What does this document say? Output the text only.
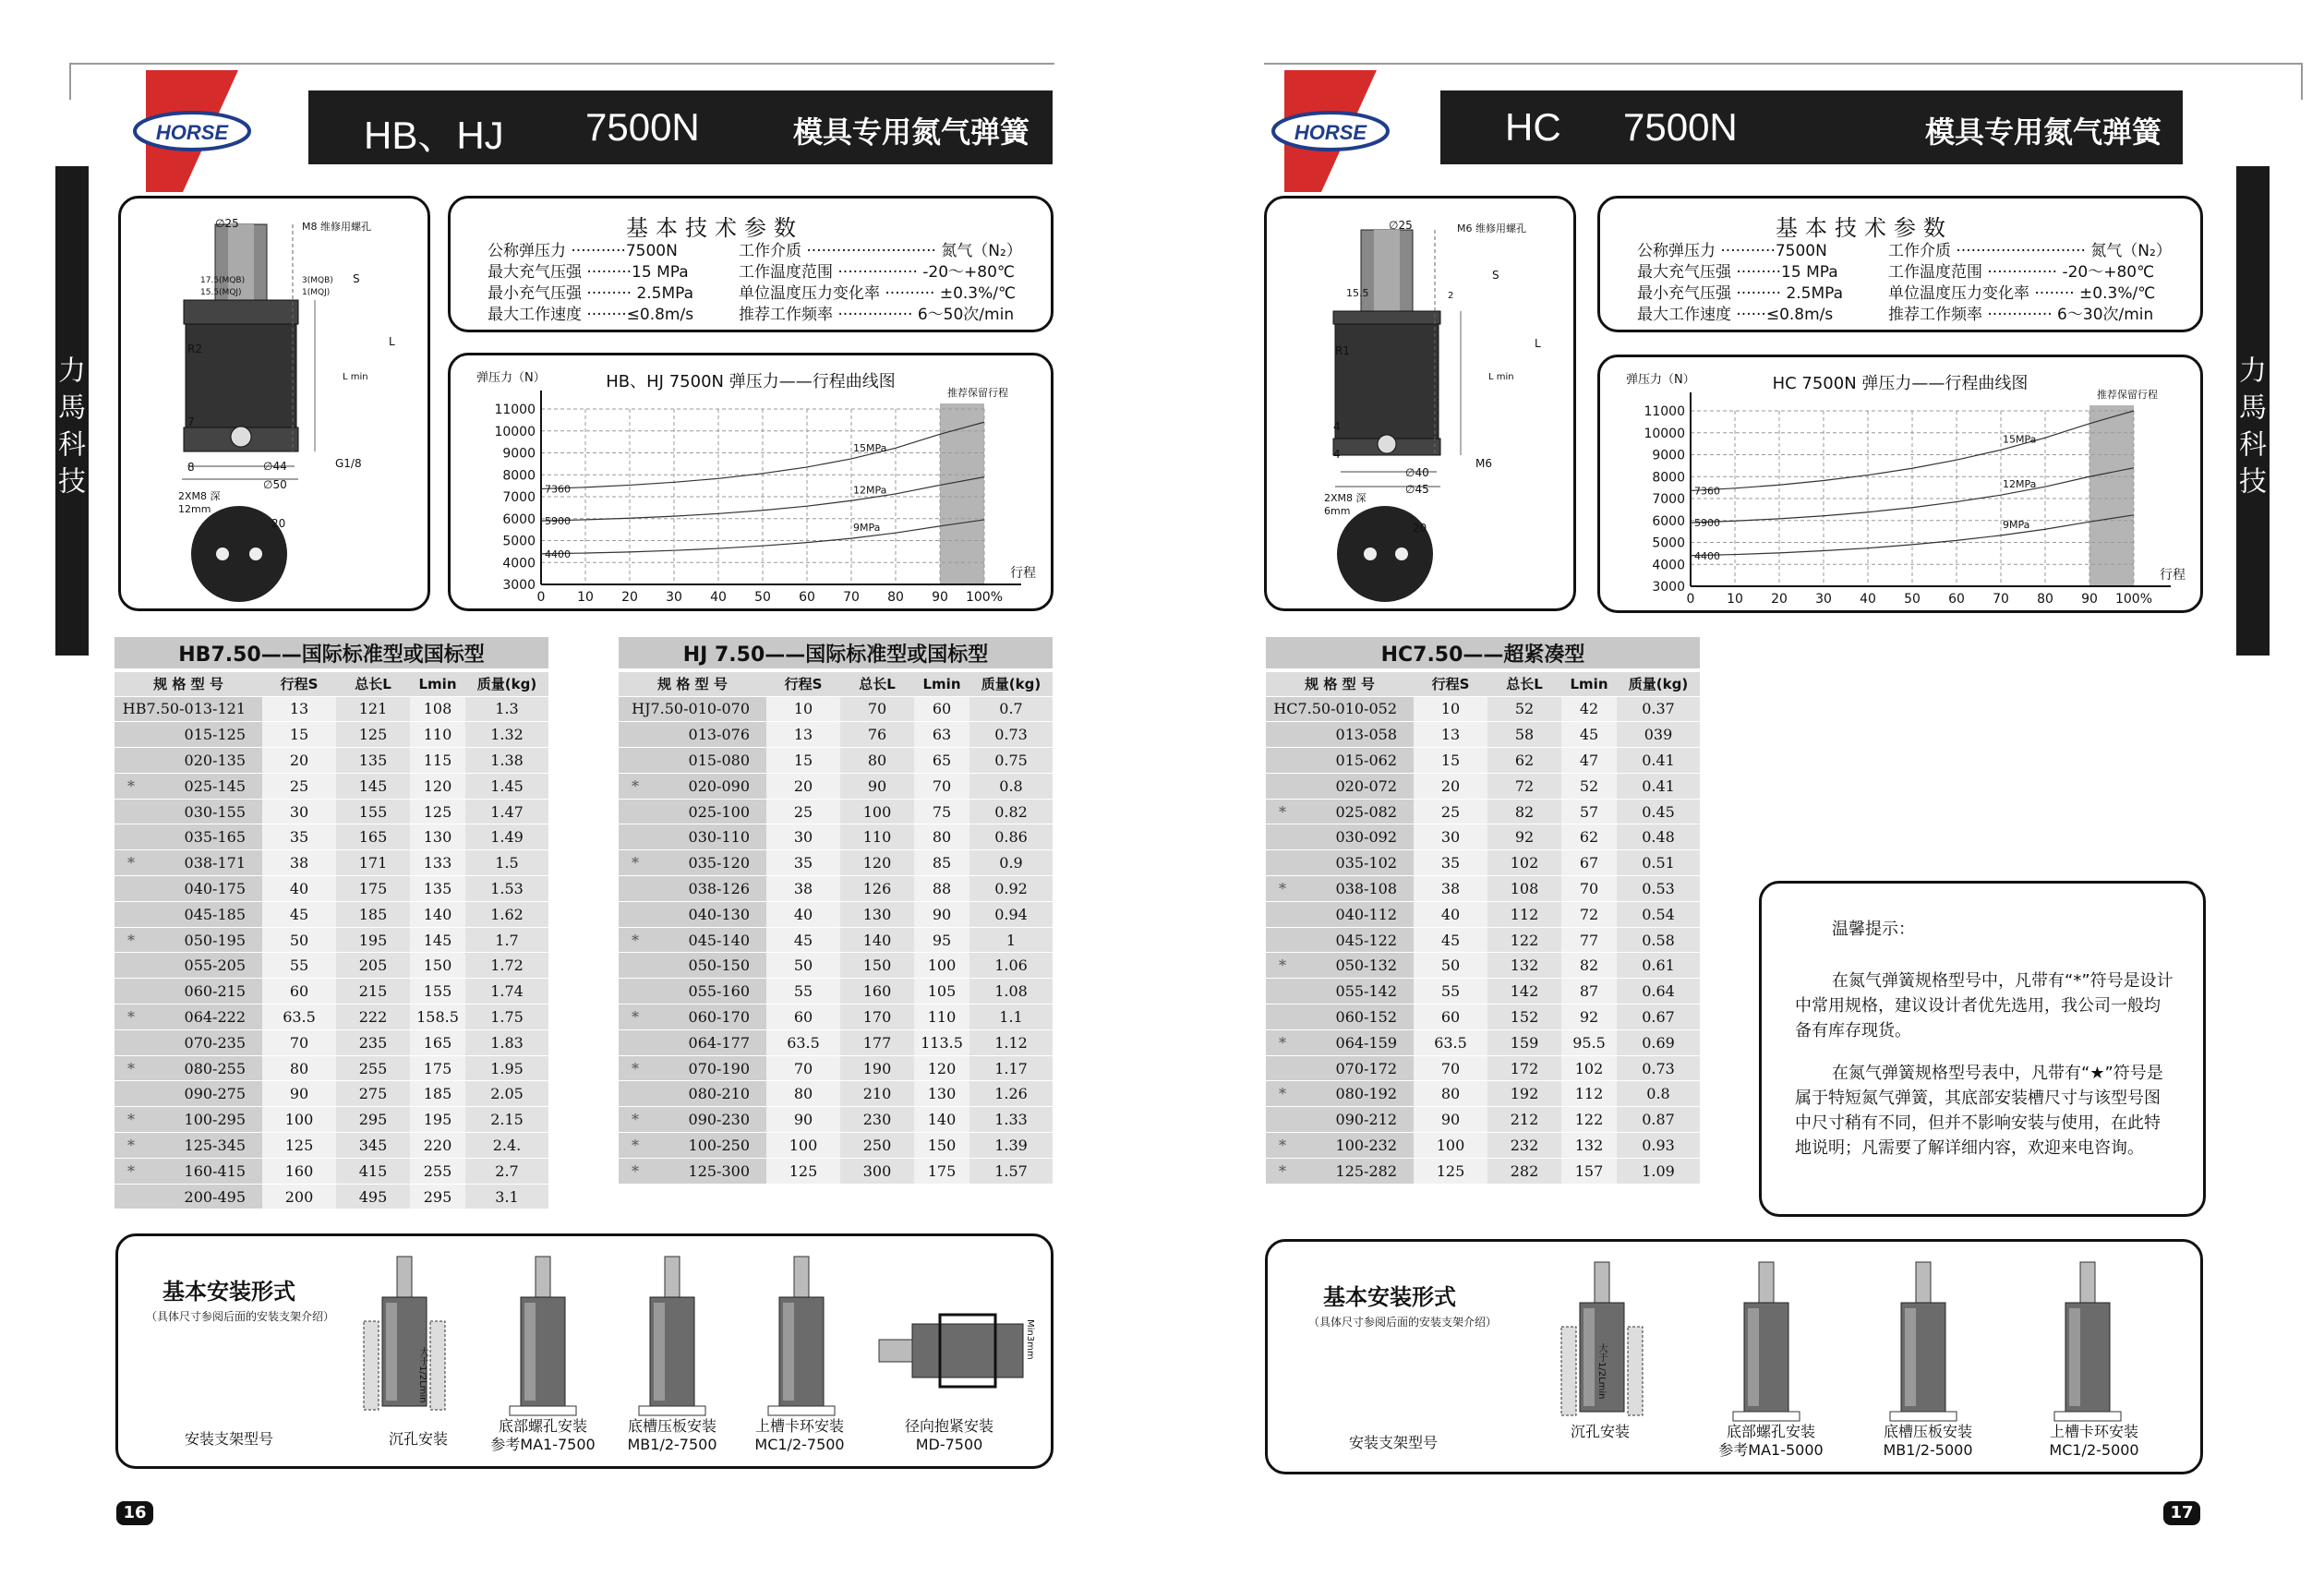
HORSE	HB、HJ 7500N	模具专用氮气弹簧
力馬科技
∅25	M8 维修用螺孔
17.5(MQB)
15.5(MQJ)
3(MQB)
1(MQJ)
S
L
L min
R2
7
8	∅44
∅50
G1/8
2XM8 深12mm
20
基本技术参数
公称弹压力 ···········7500N
最大充气压强 ·········15 MPa
最小充气压强 ········· 2.5MPa
最大工作速度 ········≤0.8m/s
工作介质 ·························· 氮气（N₂）
工作温度范围 ················ -20～+80℃
单位温度压力变化率 ·········· ±0.3%/℃
推荐工作频率 ··············· 6～50次/min
HB、HJ 7500N 弹压力——行程曲线图
弹压力（N）
推荐保留行程
3000
4000
5000
6000
7000
8000
9000
10000
11000
0 10 20 30 40 50 60 70 80 90 100%
行程
15MPa
7360	12MPa
5900
9MPa
4400
HB7.50——国际标准型或国标型
规 格 型 号	行程S	总长L	Lmin	质量(kg)
HB7.50-013-121	13	121	108	1.3
015-125	15	125	110	1.32
020-135	20	135	115	1.38

* 025-145	25	145	120	1.45
030-155	30	155	125	1.47
035-165	35	165	130	1.49

* 038-171	38	171	133	1.5
040-175	40	175	135	1.53
045-185	45	185	140	1.62

* 050-195	50	195	145	1.7
055-205	55	205	150	1.72
060-215	60	215	155	1.74

* 064-222	63.5	222	158.5	1.75
070-235	70	235	165	1.83

* 080-255	80	255	175	1.95
090-275	90	275	185	2.05

* 100-295	100	295	195	2.15

* 125-345	125	345	220	2.4.

* 160-415	160	415	255	2.7
200-495	200	495	295	3.1
HJ 7.50——国际标准型或国标型
规 格 型 号	行程S	总长L	Lmin	质量(kg)
HJ7.50-010-070	10	70	60	0.7
013-076	13	76	63	0.73
015-080	15	80	65	0.75

* 020-090	20	90	70	0.8
025-100	25	100	75	0.82
030-110	30	110	80	0.86

* 035-120	35	120	85	0.9
038-126	38	126	88	0.92
040-130	40	130	90	0.94

* 045-140	45	140	95	1
050-150	50	150	100	1.06
055-160	55	160	105	1.08

* 060-170	60	170	110	1.1
064-177	63.5	177	113.5	1.12

* 070-190	70	190	120	1.17
080-210	80	210	130	1.26

* 090-230	90	230	140	1.33

* 100-250	100	250	150	1.39

* 125-300	125	300	175	1.57
基本安装形式
（具体尺寸参阅后面的安装支架介绍）
安装支架型号	沉孔安装
底部螺孔安装
参考MA1-7500
底槽压板安装
MB1/2-7500
上槽卡环安装
MC1/2-7500
径向抱紧安装
MD-7500
大于1/2Lmin
Min3mm
16
HORSE	HC 7500N	模具专用氮气弹簧
力馬科技
∅25	M6 维修用螺孔
15.5	2
S
L
L min
R1
4
4
∅40
∅45
M6
2XM8 深6mm
20
基本技术参数
公称弹压力 ···········7500N
最大充气压强 ·········15 MPa
最小充气压强 ········· 2.5MPa
最大工作速度 ······≤0.8m/s
工作介质 ·························· 氮气（N₂）
工作温度范围 ·············· -20～+80℃
单位温度压力变化率 ········ ±0.3%/℃
推荐工作频率 ············· 6～30次/min
HC 7500N 弹压力——行程曲线图
弹压力（N）
推荐保留行程
3000
4000
5000
6000
7000
8000
9000
10000
11000
0 10 20 30 40 50 60 70 80 90 100%
行程
15MPa
7360
12MPa
5900	9MPa
4400
HC7.50——超紧凑型
规 格 型 号	行程S	总长L	Lmin	质量(kg)
HC7.50-010-052	10	52	42	0.37
013-058	13	58	45	039
015-062	15	62	47	0.41
020-072	20	72	52	0.41

* 025-082	25	82	57	0.45
030-092	30	92	62	0.48
035-102	35	102	67	0.51

* 038-108	38	108	70	0.53
040-112	40	112	72	0.54
045-122	45	122	77	0.58

* 050-132	50	132	82	0.61
055-142	55	142	87	0.64
060-152	60	152	92	0.67

* 064-159	63.5	159	95.5	0.69
070-172	70	172	102	0.73

* 080-192	80	192	112	0.8
090-212	90	212	122	0.87

* 100-232	100	232	132	0.93

* 125-282	125	282	157	1.09
温馨提示：
在氮气弹簧规格型号中，凡带有“*”符号是设计中常用规格，建议设计者优先选用，我公司一般均备有库存现货。
在氮气弹簧规格型号表中，凡带有“★”符号是属于特短氮气弹簧，其底部安装槽尺寸与该型号图中尺寸稍有不同，但并不影响安装与使用，在此特地说明；凡需要了解详细内容，欢迎来电咨询。
基本安装形式
（具体尺寸参阅后面的安装支架介绍）
安装支架型号
沉孔安装	底部螺孔安装
参考MA1-5000
底槽压板安装
MB1/2-5000
上槽卡环安装
MC1/2-5000
大于1/2Lmin
17
